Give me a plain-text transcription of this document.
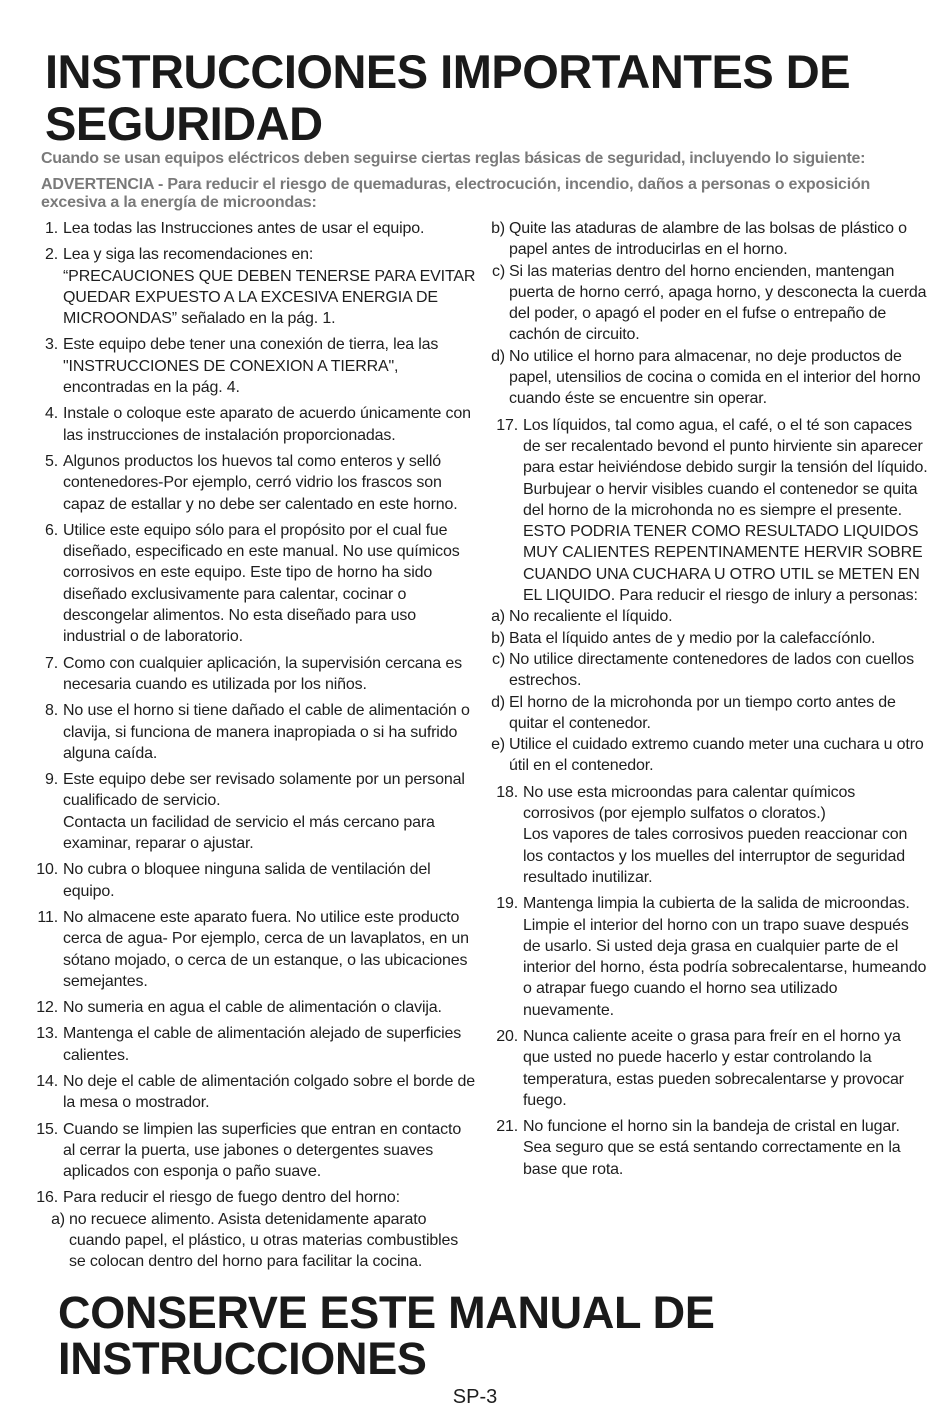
INSTRUCCIONES IMPORTANTES DE SEGURIDAD
Cuando se usan equipos eléctricos deben seguirse ciertas reglas básicas de seguridad, incluyendo lo siguiente:
ADVERTENCIA - Para reducir el riesgo de quemaduras, electrocución, incendio, daños a personas o exposición excesiva a la energía de microondas:
1. Lea todas las Instrucciones antes de usar el equipo.
2. Lea y siga las recomendaciones en:
“PRECAUCIONES QUE DEBEN TENERSE PARA EVITAR QUEDAR EXPUESTO A LA EXCESIVA ENERGIA DE MICROONDAS” señalado en la pág. 1.
3. Este equipo debe tener una conexión de tierra, lea las "INSTRUCCIONES DE CONEXION A TIERRA", encontradas en la pág. 4.
4. Instale o coloque este aparato de acuerdo únicamente con las instrucciones de instalación proporcionadas.
5. Algunos productos los huevos tal como enteros y selló contenedores-Por ejemplo, cerró vidrio los frascos son capaz de estallar y no debe ser calentado en este horno.
6. Utilice este equipo sólo para el propósito por el cual fue diseñado, especificado en este manual. No use químicos corrosivos en este equipo. Este tipo de horno ha sido diseñado exclusivamente para calentar, cocinar o descongelar alimentos. No esta diseñado para uso industrial o de laboratorio.
7. Como con cualquier aplicación, la supervisión cercana es necesaria cuando es utilizada por los niños.
8. No use el horno si tiene dañado el cable de alimentación o clavija, si funciona de manera inapropiada o si ha sufrido alguna caída.
9. Este equipo debe ser revisado solamente por un personal cualificado de servicio.
Contacta un facilidad de servicio el más cercano para examinar, reparar o ajustar.
10. No cubra o bloquee ninguna salida de ventilación del equipo.
11. No almacene este aparato fuera. No utilice este producto cerca de agua- Por ejemplo, cerca de un lavaplatos, en un sótano mojado, o cerca de un estanque, o las ubicaciones semejantes.
12. No sumeria en agua el cable de alimentación o clavija.
13. Mantenga el cable de alimentación alejado de superficies calientes.
14. No deje el cable de alimentación colgado sobre el borde de la mesa o mostrador.
15. Cuando se limpien las superficies que entran en contacto al cerrar la puerta, use jabones o detergentes suaves aplicados con esponja o paño suave.
16. Para reducir el riesgo de fuego dentro del horno:
a) no recuece alimento. Asista detenidamente aparato cuando papel, el plástico, u otras materias combustibles se colocan dentro del horno para facilitar la cocina.
b) Quite las ataduras de alambre de las bolsas de plástico o papel antes de introducirlas en el horno.
c) Si las materias dentro del horno encienden, mantengan puerta de horno cerró, apaga horno, y desconecta la cuerda del poder, o apagó el poder en el fufse o entrepaño de cachón de circuito.
d) No utilice el horno para almacenar, no deje productos de papel, utensilios de cocina o comida en el interior del horno cuando éste se encuentre sin operar.
17. Los líquidos, tal como agua, el café, o el té son capaces de ser recalentado bevond el punto hirviente sin aparecer para estar heiviéndose debido surgir la tensión del líquido. Burbujear o hervir visibles cuando el contenedor se quita del horno de la microhonda no es siempre el presente. ESTO PODRIA TENER COMO RESULTADO LIQUIDOS MUY CALIENTES REPENTINAMENTE HERVIR SOBRE CUANDO UNA CUCHARA U OTRO UTIL se METEN EN EL LIQUIDO. Para reducir el riesgo de inlury a personas:
a) No recaliente el líquido.
b) Bata el líquido antes de y medio por la calefaccíónlo.
c) No utilice directamente contenedores de lados con cuellos estrechos.
d) El horno de la microhonda por un tiempo corto antes de quitar el contenedor.
e) Utilice el cuidado extremo cuando meter una cuchara u otro útil en el contenedor.
18. No use esta microondas para calentar químicos corrosivos (por ejemplo sulfatos o cloratos.)
Los vapores de tales corrosivos pueden reaccionar con los contactos y los muelles del interruptor de seguridad resultado inutilizar.
19. Mantenga limpia la cubierta de la salida de microondas. Limpie el interior del horno con un trapo suave después de usarlo. Si usted deja grasa en cualquier parte de el interior del horno, ésta podría sobrecalentarse, humeando o atrapar fuego cuando el horno sea utilizado nuevamente.
20. Nunca caliente aceite o grasa para freír en el horno ya que usted no puede hacerlo y estar controlando la temperatura, estas pueden sobrecalentarse y provocar fuego.
21. No funcione el horno sin la bandeja de cristal en lugar. Sea seguro que se está sentando correctamente en la base que rota.
CONSERVE ESTE MANUAL DE INSTRUCCIONES
SP-3
